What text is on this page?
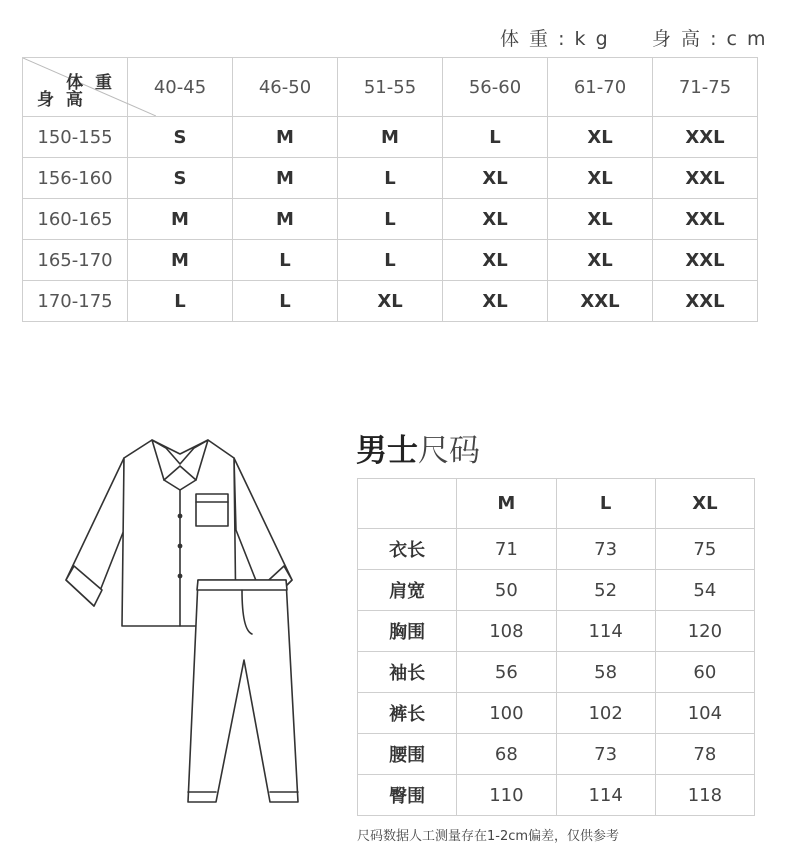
体 重 : k g 身 高 : c m
体 重
身 高	40-45	46-50	51-55	56-60	61-70	71-75
150-155	S	M	M	L	XL	XXL
156-160	S	M	L	XL	XL	XXL
160-165	M	M	L	XL	XL	XXL
165-170	M	L	L	XL	XL	XXL
170-175	L	L	XL	XL	XXL	XXL
男士尺码
	M	L	XL
衣长	71	73	75
肩宽	50	52	54
胸围	108	114	120
袖长	56	58	60
裤长	100	102	104
腰围	68	73	78
臀围	110	114	118
尺码数据人工测量存在1-2cm偏差，仅供参考
